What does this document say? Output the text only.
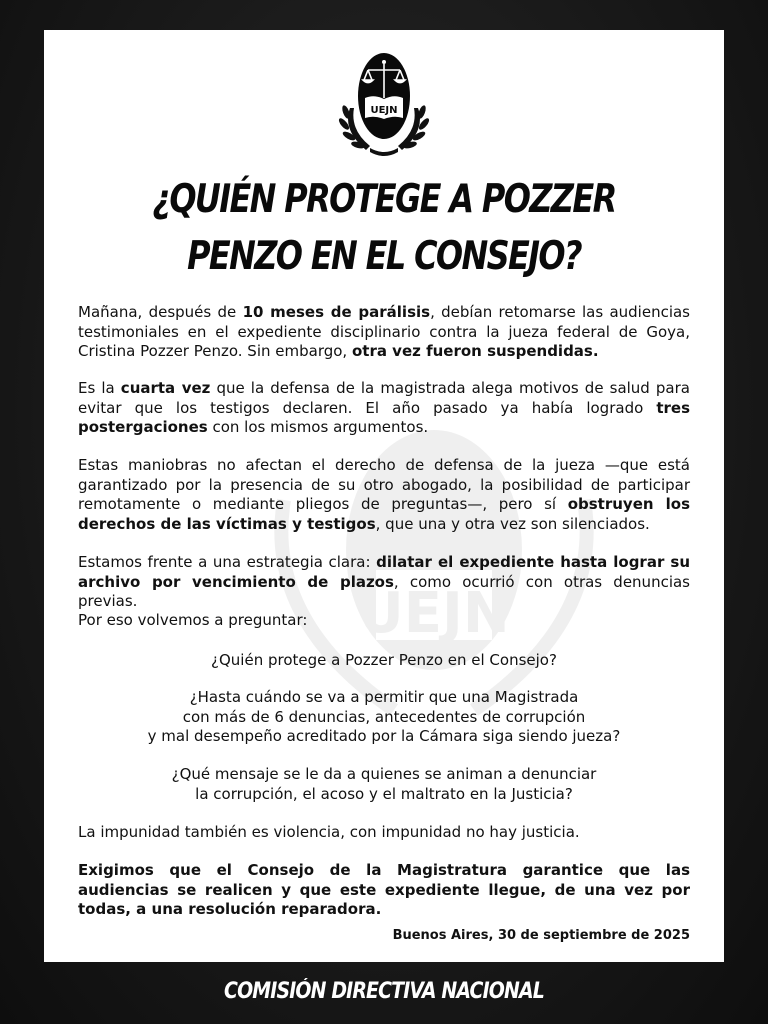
UEJN
UEJN
¿QUIÉN PROTEGE A POZZER
PENZO EN EL CONSEJO?
Mañana, después de 10 meses de parálisis, debían retomarse las audiencias testimoniales en el expediente disciplinario contra la jueza federal de Goya, Cristina Pozzer Penzo. Sin embargo, otra vez fueron suspendidas.
Es la cuarta vez que la defensa de la magistrada alega motivos de salud para evitar que los testigos declaren. El año pasado ya había logrado tres postergaciones con los mismos argumentos.
Estas maniobras no afectan el derecho de defensa de la jueza —que está garantizado por la presencia de su otro abogado, la posibilidad de participar remotamente o mediante pliegos de preguntas—, pero sí obstruyen los derechos de las víctimas y testigos, que una y otra vez son silenciados.
Estamos frente a una estrategia clara: dilatar el expediente hasta lograr su archivo por vencimiento de plazos, como ocurrió con otras denuncias previas.
Por eso volvemos a preguntar:
¿Quién protege a Pozzer Penzo en el Consejo?
¿Hasta cuándo se va a permitir que una Magistrada
con más de 6 denuncias, antecedentes de corrupción
y mal desempeño acreditado por la Cámara siga siendo jueza?
¿Qué mensaje se le da a quienes se animan a denunciar
la corrupción, el acoso y el maltrato en la Justicia?
La impunidad también es violencia, con impunidad no hay justicia.
Exigimos que el Consejo de la Magistratura garantice que las audiencias se realicen y que este expediente llegue, de una vez por todas, a una resolución reparadora.
Buenos Aires, 30 de septiembre de 2025
COMISIÓN DIRECTIVA NACIONAL
